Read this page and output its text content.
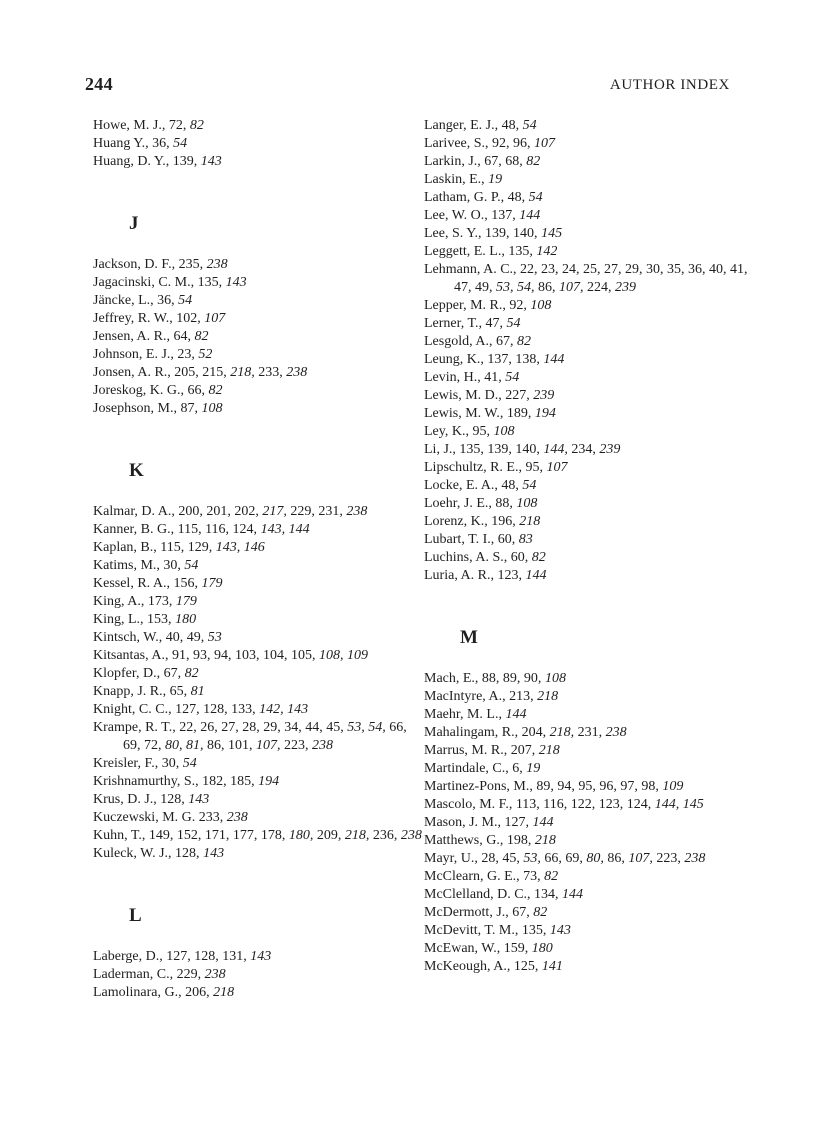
244	AUTHOR INDEX
Howe, M. J., 72, 82
Huang Y., 36, 54
Huang, D. Y., 139, 143
J
Jackson, D. F., 235, 238
Jagacinski, C. M., 135, 143
Jäncke, L., 36, 54
Jeffrey, R. W., 102, 107
Jensen, A. R., 64, 82
Johnson, E. J., 23, 52
Jonsen, A. R., 205, 215, 218, 233, 238
Joreskog, K. G., 66, 82
Josephson, M., 87, 108
K
Kalmar, D. A., 200, 201, 202, 217, 229, 231, 238
Kanner, B. G., 115, 116, 124, 143, 144
Kaplan, B., 115, 129, 143, 146
Katims, M., 30, 54
Kessel, R. A., 156, 179
King, A., 173, 179
King, L., 153, 180
Kintsch, W., 40, 49, 53
Kitsantas, A., 91, 93, 94, 103, 104, 105, 108, 109
Klopfer, D., 67, 82
Knapp, J. R., 65, 81
Knight, C. C., 127, 128, 133, 142, 143
Krampe, R. T., 22, 26, 27, 28, 29, 34, 44, 45, 53, 54, 66, 69, 72, 80, 81, 86, 101, 107, 223, 238
Kreisler, F., 30, 54
Krishnamurthy, S., 182, 185, 194
Krus, D. J., 128, 143
Kuczewski, M. G. 233, 238
Kuhn, T., 149, 152, 171, 177, 178, 180, 209, 218, 236, 238
Kuleck, W. J., 128, 143
L
Laberge, D., 127, 128, 131, 143
Laderman, C., 229, 238
Lamolinara, G., 206, 218
Langer, E. J., 48, 54
Larivee, S., 92, 96, 107
Larkin, J., 67, 68, 82
Laskin, E., 19
Latham, G. P., 48, 54
Lee, W. O., 137, 144
Lee, S. Y., 139, 140, 145
Leggett, E. L., 135, 142
Lehmann, A. C., 22, 23, 24, 25, 27, 29, 30, 35, 36, 40, 41, 47, 49, 53, 54, 86, 107, 224, 239
Lepper, M. R., 92, 108
Lerner, T., 47, 54
Lesgold, A., 67, 82
Leung, K., 137, 138, 144
Levin, H., 41, 54
Lewis, M. D., 227, 239
Lewis, M. W., 189, 194
Ley, K., 95, 108
Li, J., 135, 139, 140, 144, 234, 239
Lipschultz, R. E., 95, 107
Locke, E. A., 48, 54
Loehr, J. E., 88, 108
Lorenz, K., 196, 218
Lubart, T. I., 60, 83
Luchins, A. S., 60, 82
Luria, A. R., 123, 144
M
Mach, E., 88, 89, 90, 108
MacIntyre, A., 213, 218
Maehr, M. L., 144
Mahalingam, R., 204, 218, 231, 238
Marrus, M. R., 207, 218
Martindale, C., 6, 19
Martinez-Pons, M., 89, 94, 95, 96, 97, 98, 109
Mascolo, M. F., 113, 116, 122, 123, 124, 144, 145
Mason, J. M., 127, 144
Matthews, G., 198, 218
Mayr, U., 28, 45, 53, 66, 69, 80, 86, 107, 223, 238
McClearn, G. E., 73, 82
McClelland, D. C., 134, 144
McDermott, J., 67, 82
McDevitt, T. M., 135, 143
McEwan, W., 159, 180
McKeough, A., 125, 141
